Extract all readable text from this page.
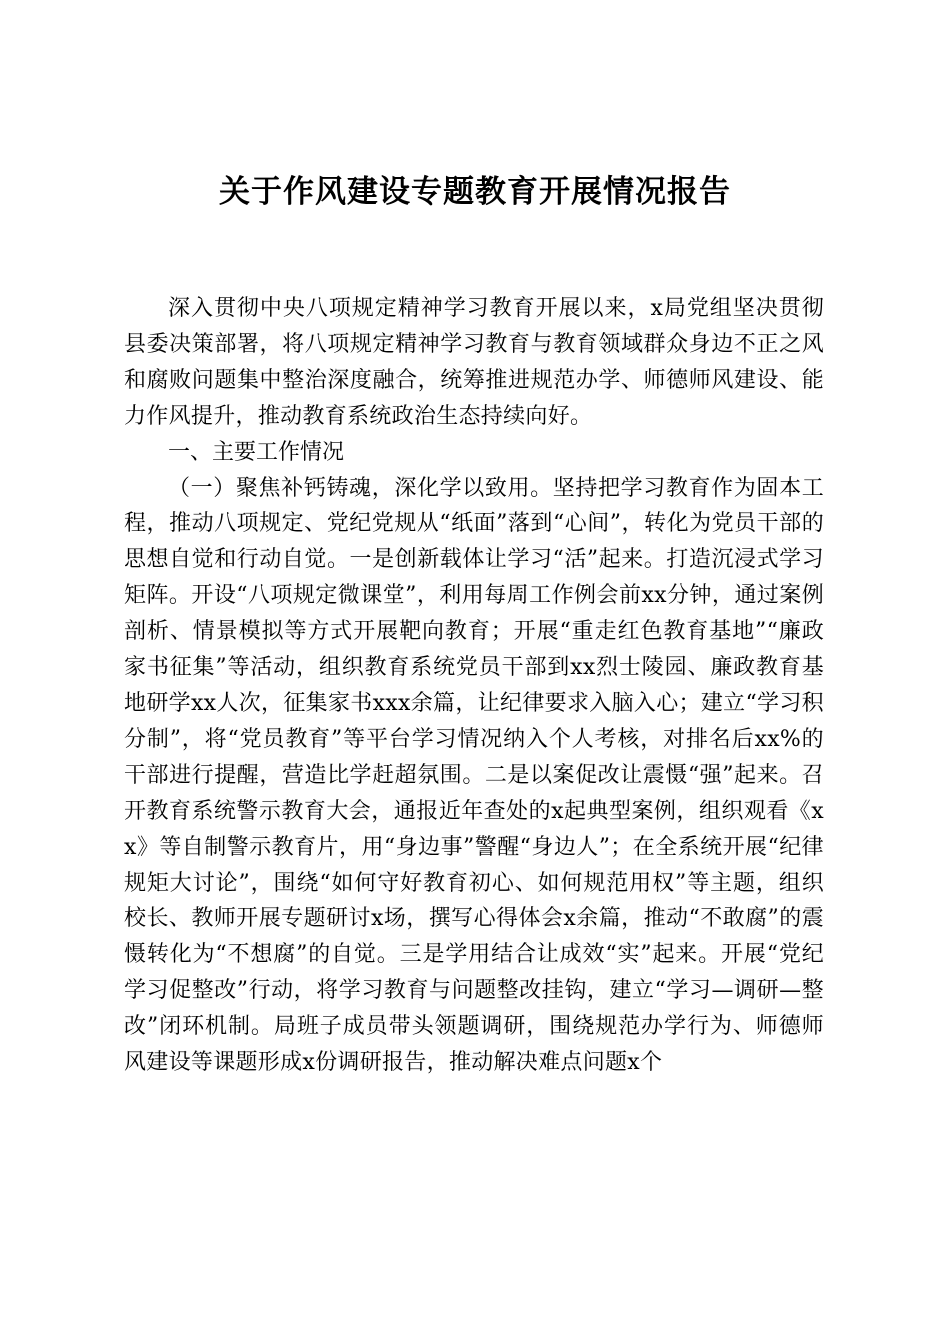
关于作风建设专题教育开展情况报告

深入贯彻中央八项规定精神学习教育开展以来，x局党组坚决贯彻县委决策部署，将八项规定精神学习教育与教育领域群众身边不正之风和腐败问题集中整治深度融合，统筹推进规范办学、师德师风建设、能力作风提升，推动教育系统政治生态持续向好。

一、主要工作情况

（一）聚焦补钙铸魂，深化学以致用。坚持把学习教育作为固本工程，推动八项规定、党纪党规从“纸面”落到“心间”，转化为党员干部的思想自觉和行动自觉。一是创新载体让学习“活”起来。打造沉浸式学习矩阵。开设“八项规定微课堂”，利用每周工作例会前xx分钟，通过案例剖析、情景模拟等方式开展靶向教育；开展“重走红色教育基地”“廉政家书征集”等活动，组织教育系统党员干部到xx烈士陵园、廉政教育基地研学xx人次，征集家书xxx余篇，让纪律要求入脑入心；建立“学习积分制”，将“党员教育”等平台学习情况纳入个人考核，对排名后xx%的干部进行提醒，营造比学赶超氛围。二是以案促改让震慑“强”起来。召开教育系统警示教育大会，通报近年查处的x起典型案例，组织观看《xx》等自制警示教育片，用“身边事”警醒“身边人”；在全系统开展“纪律规矩大讨论”，围绕“如何守好教育初心、如何规范用权”等主题，组织校长、教师开展专题研讨x场，撰写心得体会x余篇，推动“不敢腐”的震慑转化为“不想腐”的自觉。三是学用结合让成效“实”起来。开展“党纪学习促整改”行动，将学习教育与问题整改挂钩，建立“学习—调研—整改”闭环机制。局班子成员带头领题调研，围绕规范办学行为、师德师风建设等课题形成x份调研报告，推动解决难点问题x个
